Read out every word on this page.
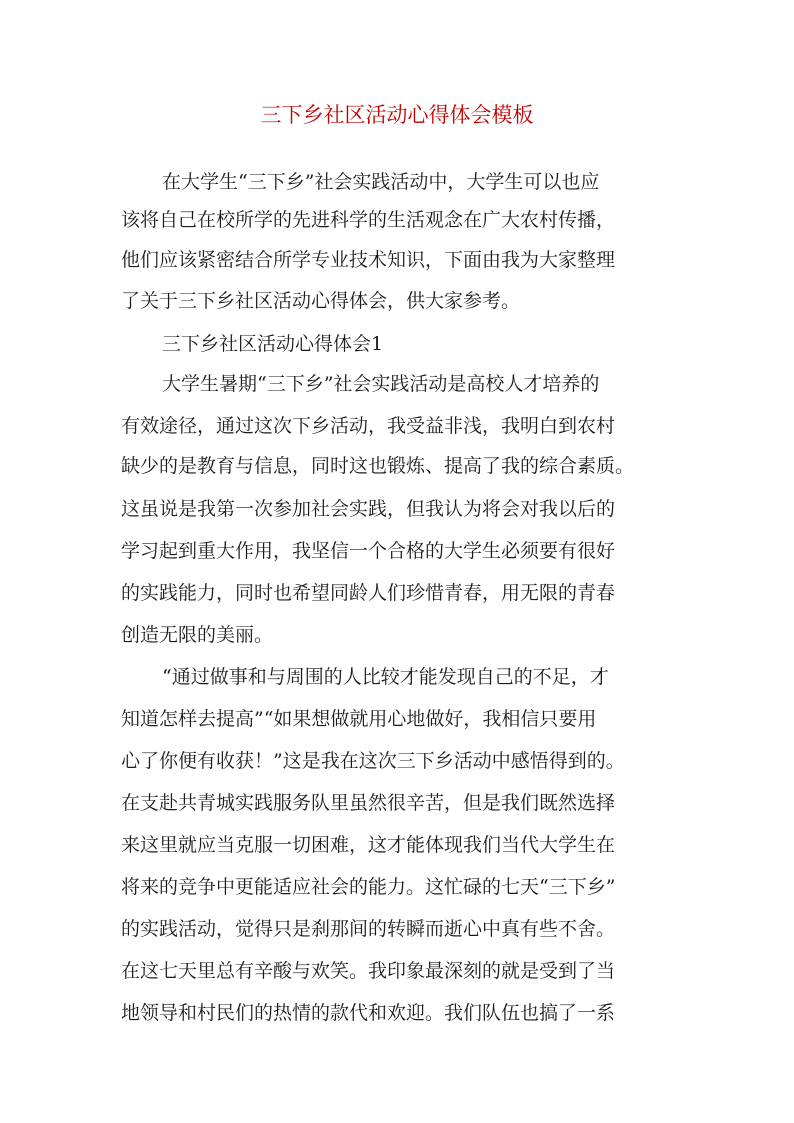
三下乡社区活动心得体会模板
在大学生“三下乡”社会实践活动中，大学生可以也应
该将自己在校所学的先进科学的生活观念在广大农村传播，
他们应该紧密结合所学专业技术知识，下面由我为大家整理
了关于三下乡社区活动心得体会，供大家参考。
三下乡社区活动心得体会1
大学生暑期“三下乡”社会实践活动是高校人才培养的
有效途径，通过这次下乡活动，我受益非浅，我明白到农村
缺少的是教育与信息，同时这也锻炼、提高了我的综合素质。
这虽说是我第一次参加社会实践，但我认为将会对我以后的
学习起到重大作用，我坚信一个合格的大学生必须要有很好
的实践能力，同时也希望同龄人们珍惜青春，用无限的青春
创造无限的美丽。
“通过做事和与周围的人比较才能发现自己的不足，才
知道怎样去提高”“如果想做就用心地做好，我相信只要用
心了你便有收获！”这是我在这次三下乡活动中感悟得到的。
在支赴共青城实践服务队里虽然很辛苦，但是我们既然选择
来这里就应当克服一切困难，这才能体现我们当代大学生在
将来的竞争中更能适应社会的能力。这忙碌的七天“三下乡”
的实践活动，觉得只是刹那间的转瞬而逝心中真有些不舍。
在这七天里总有辛酸与欢笑。我印象最深刻的就是受到了当
地领导和村民们的热情的款代和欢迎。我们队伍也搞了一系
